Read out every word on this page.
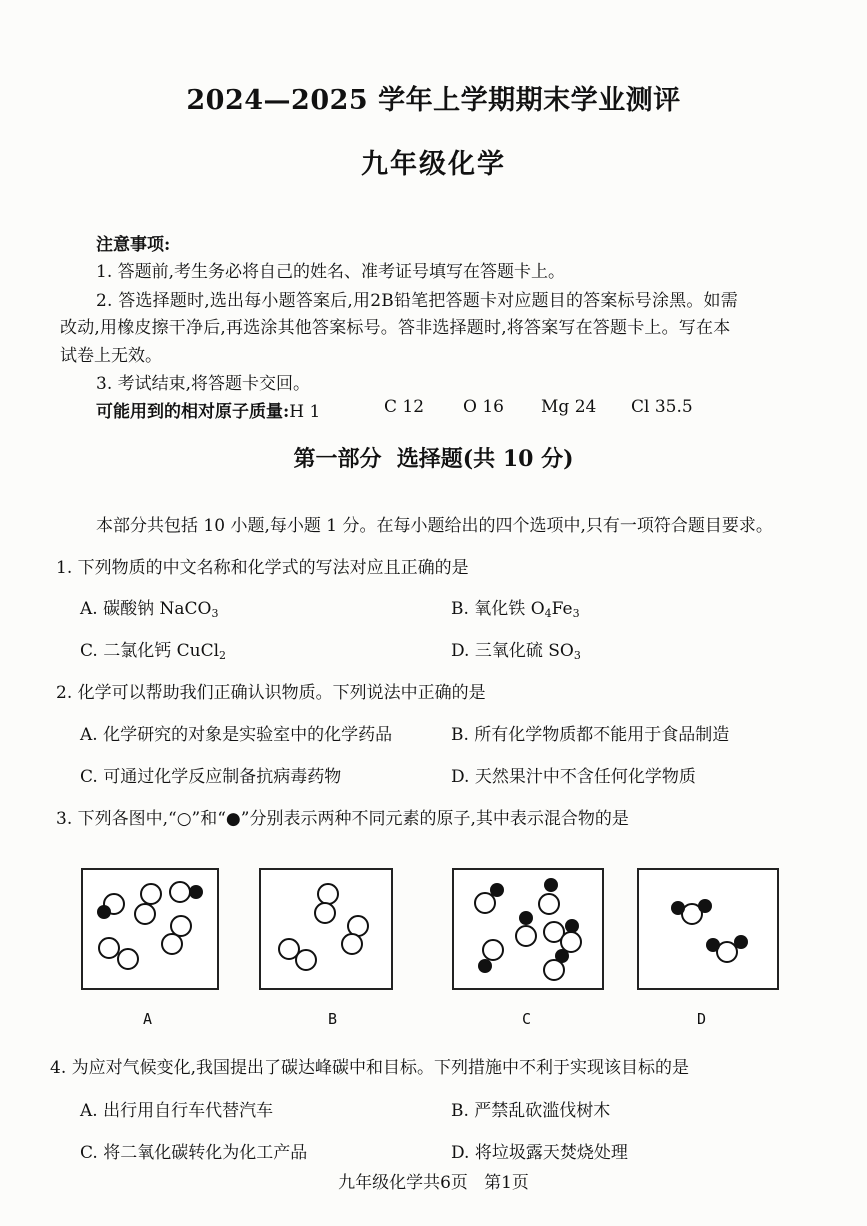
2024—2025 学年上学期期末学业测评
九年级化学
注意事项:
1. 答题前,考生务必将自己的姓名、准考证号填写在答题卡上。
2. 答选择题时,选出每小题答案后,用2B铅笔把答题卡对应题目的答案标号涂黑。如需
改动,用橡皮擦干净后,再选涂其他答案标号。答非选择题时,将答案写在答题卡上。写在本
试卷上无效。
3. 考试结束,将答题卡交回。
可能用到的相对原子质量:H 1	C 12 O 16 Mg 24 Cl 35.5
第一部分  选择题(共 10 分)
本部分共包括 10 小题,每小题 1 分。在每小题给出的四个选项中,只有一项符合题目要求。
1. 下列物质的中文名称和化学式的写法对应且正确的是
A. 碳酸钠 NaCO$_3$	B. 氧化铁 $O_4Fe_3$
C. 二氯化钙 CuCl$_2$	D. 三氧化硫 $SO_3$
2. 化学可以帮助我们正确认识物质。下列说法中正确的是
A. 化学研究的对象是实验室中的化学药品	B. 所有化学物质都不能用于食品制造
C. 可通过化学反应制备抗病毒药物	D. 天然果汁中不含任何化学物质
3. 下列各图中,“○”和“●”分别表示两种不同元素的原子,其中表示混合物的是
A	B	C	D
4. 为应对气候变化,我国提出了碳达峰碳中和目标。下列措施中不利于实现该目标的是
A. 出行用自行车代替汽车	B. 严禁乱砍滥伐树木
C. 将二氧化碳转化为化工产品	D. 将垃圾露天焚烧处理
九年级化学共6页   第1页
